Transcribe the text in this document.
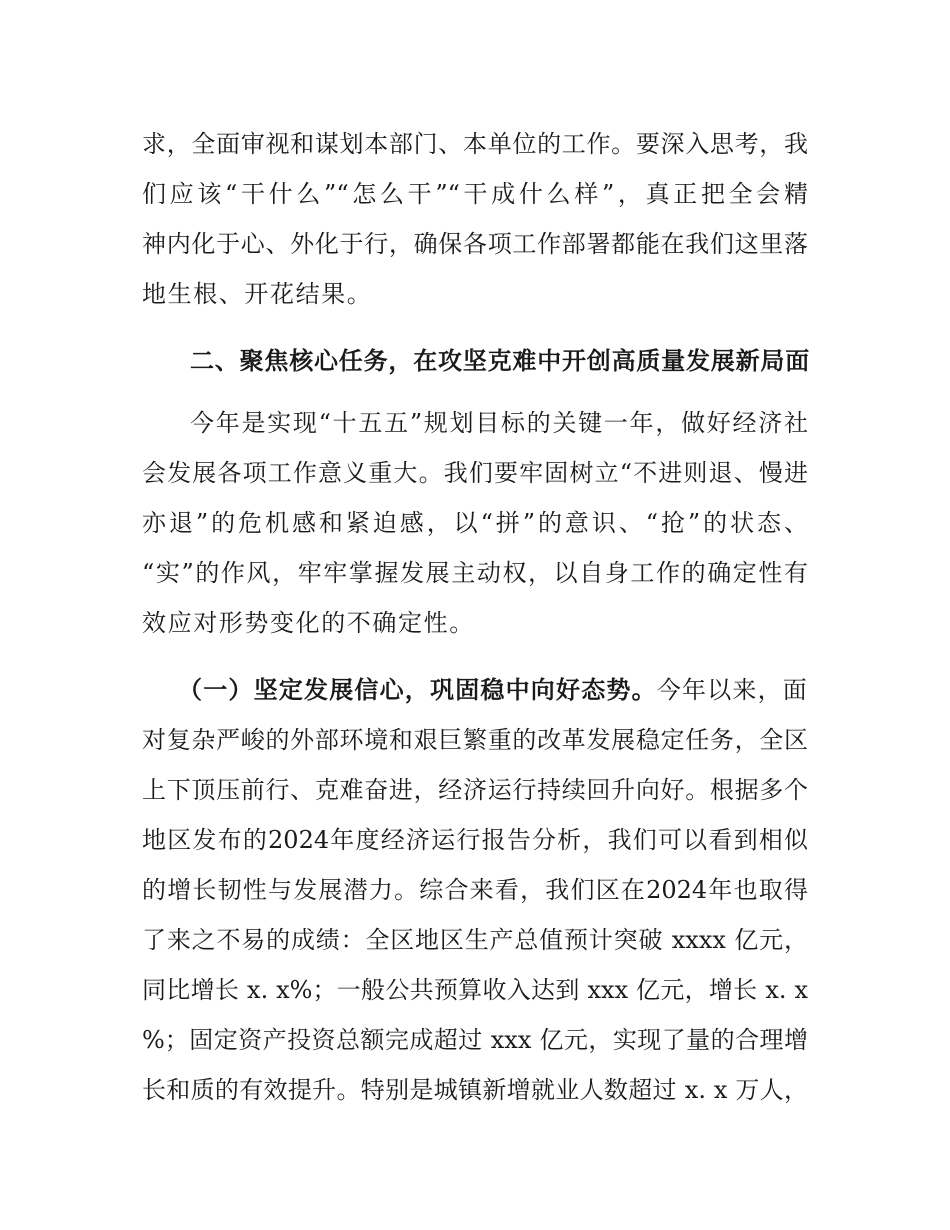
求，全面审视和谋划本部门、本单位的工作。要深入思考，我
们应该“干什么”“怎么干”“干成什么样”，真正把全会精
神内化于心、外化于行，确保各项工作部署都能在我们这里落
地生根、开花结果。
二、聚焦核心任务，在攻坚克难中开创高质量发展新局面
今年是实现“十五五”规划目标的关键一年，做好经济社
会发展各项工作意义重大。我们要牢固树立“不进则退、慢进
亦退”的危机感和紧迫感，以“拼”的意识、“抢”的状态、
“实”的作风，牢牢掌握发展主动权，以自身工作的确定性有
效应对形势变化的不确定性。
（一）坚定发展信心，巩固稳中向好态势。今年以来，面
对复杂严峻的外部环境和艰巨繁重的改革发展稳定任务，全区
上下顶压前行、克难奋进，经济运行持续回升向好。根据多个
地区发布的2024年度经济运行报告分析，我们可以看到相似
的增长韧性与发展潜力。综合来看，我们区在2024年也取得
了来之不易的成绩：全区地区生产总值预计突破 xxxx 亿元，
同比增长 x. x%；一般公共预算收入达到 xxx 亿元，增长 x. x
%；固定资产投资总额完成超过 xxx 亿元，实现了量的合理增
长和质的有效提升。特别是城镇新增就业人数超过 x. x 万人，
